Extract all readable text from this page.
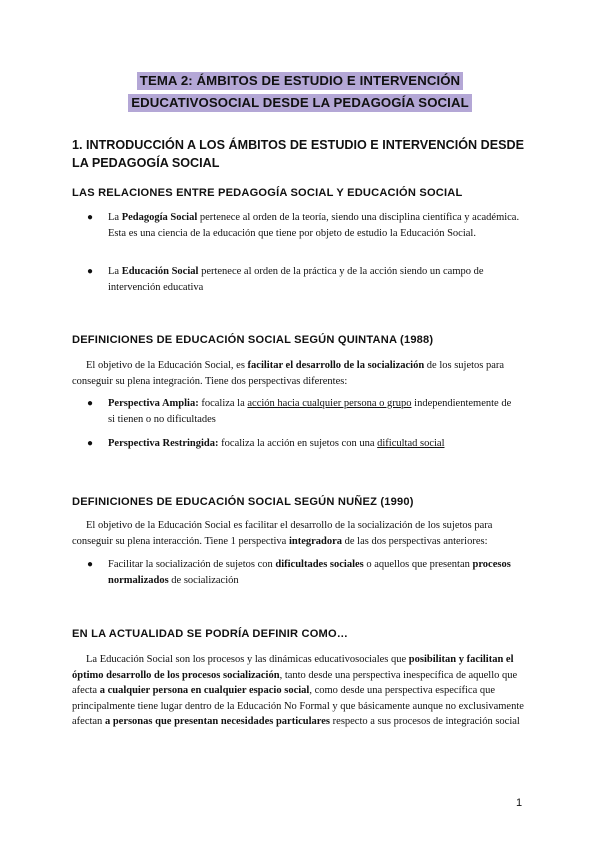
TEMA 2: ÁMBITOS DE ESTUDIO E INTERVENCIÓN
EDUCATIVOSOCIAL DESDE LA PEDAGOGÍA SOCIAL
1. INTRODUCCIÓN A LOS ÁMBITOS DE ESTUDIO E INTERVENCIÓN DESDE LA PEDAGOGÍA SOCIAL
LAS RELACIONES ENTRE PEDAGOGÍA SOCIAL Y EDUCACIÓN SOCIAL
● La Pedagogía Social pertenece al orden de la teoría, siendo una disciplina científica y académica. Esta es una ciencia de la educación que tiene por objeto de estudio la Educación Social.
● La Educación Social pertenece al orden de la práctica y de la acción siendo un campo de intervención educativa
DEFINICIONES DE EDUCACIÓN SOCIAL SEGÚN QUINTANA (1988)
El objetivo de la Educación Social, es facilitar el desarrollo de la socialización de los sujetos para conseguir su plena integración. Tiene dos perspectivas diferentes:
● Perspectiva Amplia: focaliza la acción hacia cualquier persona o grupo independientemente de si tienen o no dificultades
● Perspectiva Restringida: focaliza la acción en sujetos con una dificultad social
DEFINICIONES DE EDUCACIÓN SOCIAL SEGÚN NUÑEZ (1990)
El objetivo de la Educación Social es facilitar el desarrollo de la socialización de los sujetos para conseguir su plena interacción. Tiene 1 perspectiva integradora de las dos perspectivas anteriores:
● Facilitar la socialización de sujetos con dificultades sociales o aquellos que presentan procesos normalizados de socialización
EN LA ACTUALIDAD SE PODRÍA DEFINIR COMO…
La Educación Social son los procesos y las dinámicas educativosociales que posibilitan y facilitan el óptimo desarrollo de los procesos socialización, tanto desde una perspectiva inespecífica de aquello que afecta a cualquier persona en cualquier espacio social, como desde una perspectiva específica que principalmente tiene lugar dentro de la Educación No Formal y que básicamente aunque no exclusivamente afectan a personas que presentan necesidades particulares respecto a sus procesos de integración social
1
